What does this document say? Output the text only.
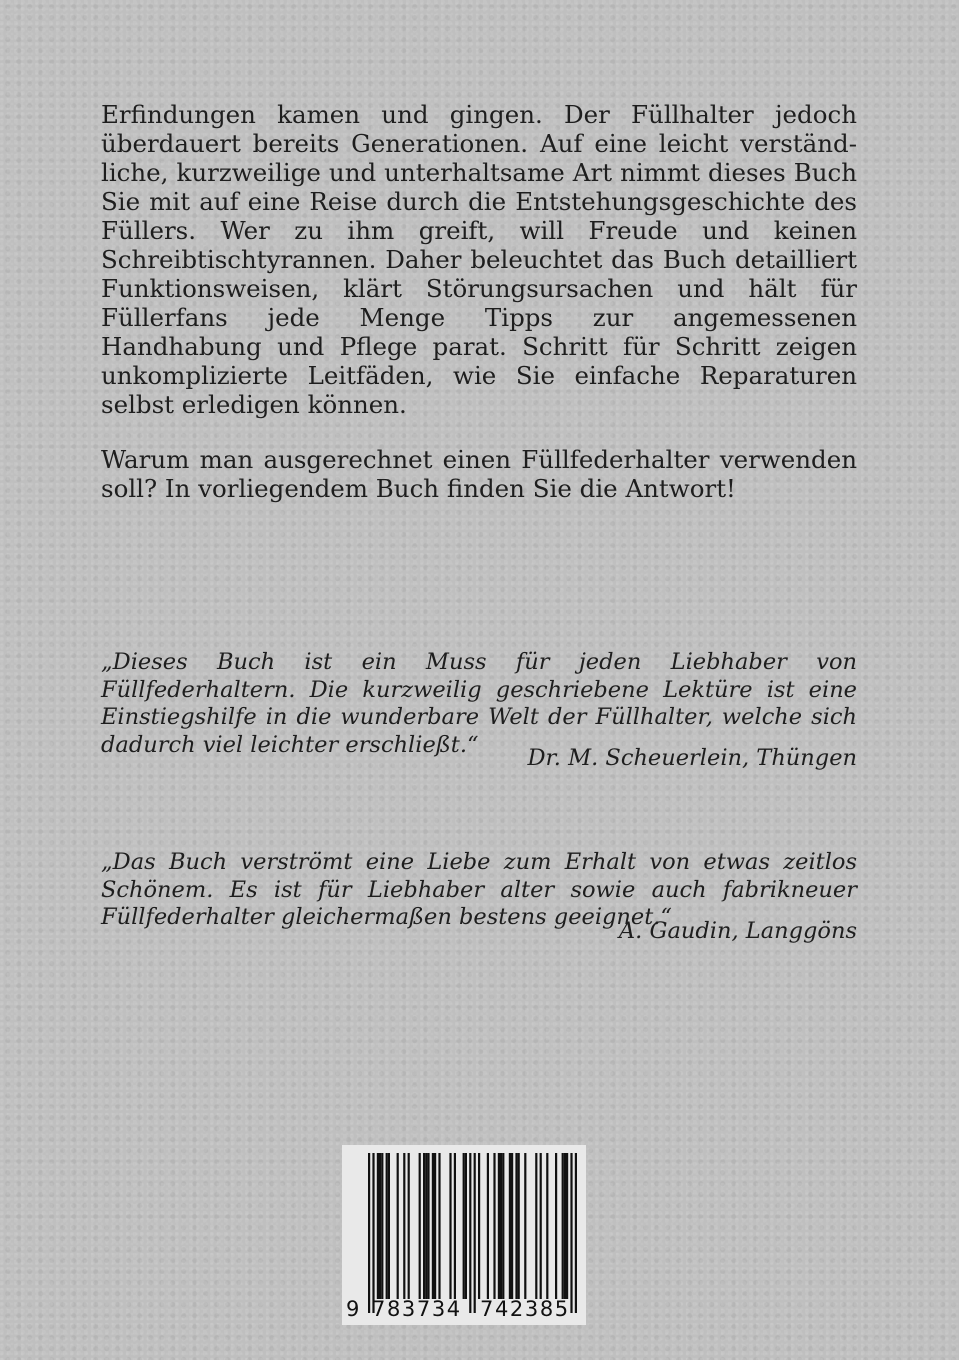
Erfindungen kamen und gingen. Der Füllhalter jedoch überdauert bereits Generationen. Auf eine leicht verständliche, kurzweilige und unterhaltsame Art nimmt dieses Buch Sie mit auf eine Reise durch die Entstehungsgeschichte des Füllers. Wer zu ihm greift, will Freude und keinen Schreibtischtyrannen. Daher beleuchtet das Buch detailliert Funktionsweisen, klärt Störungsursachen und hält für Füllerfans jede Menge Tipps zur angemessenen Handhabung und Pflege parat. Schritt für Schritt zeigen unkomplizierte Leitfäden, wie Sie einfache Reparaturen selbst erledigen können.

Warum man ausgerechnet einen Füllfederhalter verwenden soll? In vorliegendem Buch finden Sie die Antwort!

„Dieses Buch ist ein Muss für jeden Liebhaber von Füllfederhaltern. Die kurzweilig geschriebene Lektüre ist eine Einstiegshilfe in die wunderbare Welt der Füllhalter, welche sich dadurch viel leichter erschließt.“

Dr. M. Scheuerlein, Thüngen

„Das Buch verströmt eine Liebe zum Erhalt von etwas zeitlos Schönem. Es ist für Liebhaber alter sowie auch fabrikneuer Füllfederhalter gleichermaßen bestens geeignet.“

A. Gaudin, Langgöns
9 783734 742385
